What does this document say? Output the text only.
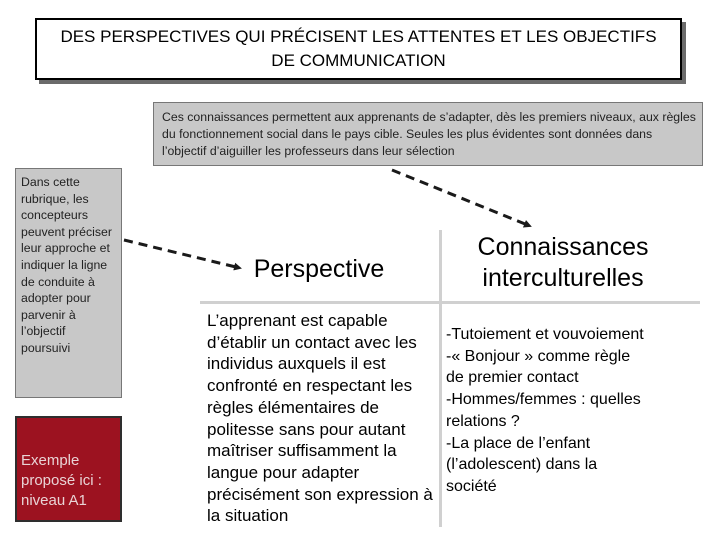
DES PERSPECTIVES QUI PRÉCISENT LES ATTENTES ET LES OBJECTIFS
DE COMMUNICATION
Ces connaissances permettent aux apprenants de s’adapter, dès les premiers niveaux, aux règles du fonctionnement social dans le pays cible. Seules les plus évidentes sont données dans l’objectif d’aiguiller les professeurs dans leur sélection
Dans cette rubrique, les concepteurs peuvent préciser leur approche et indiquer la ligne de conduite à adopter pour parvenir à l’objectif poursuivi
Exemple proposé ici : niveau A1
Perspective
Connaissances
interculturelles
L’apprenant est capable d’établir un contact avec les individus auxquels il est confronté en respectant les règles élémentaires de politesse sans pour autant maîtriser suffisamment la langue pour adapter précisément son expression à la situation
-Tutoiement et vouvoiement
-« Bonjour » comme règle
de premier contact
-Hommes/femmes : quelles
relations ?
-La place de l’enfant
(l’adolescent) dans la
société
